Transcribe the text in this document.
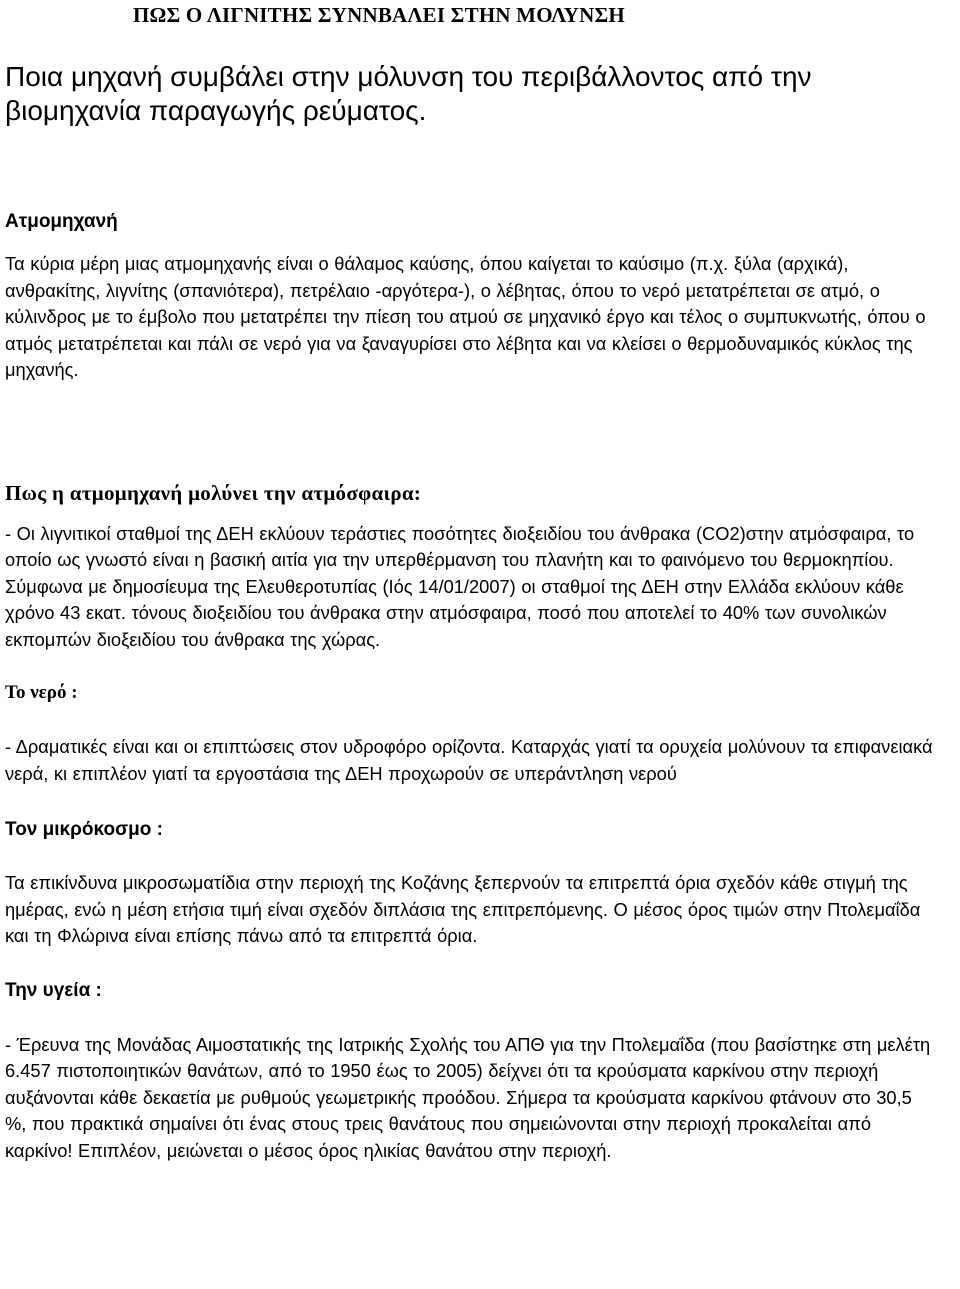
ΠΩΣ Ο ΛΙΓΝΙΤΗΣ ΣΥΝΝΒΑΛΕΙ ΣΤΗΝ ΜΟΛΥΝΣΗ

Ποια μηχανή συμβάλει στην μόλυνση του περιβάλλοντος από την βιομηχανία παραγωγής ρεύματος.

Ατμομηχανή

Τα κύρια μέρη μιας ατμομηχανής είναι ο θάλαμος καύσης, όπου καίγεται το καύσιμο (π.χ. ξύλα (αρχικά), ανθρακίτης, λιγνίτης (σπανιότερα), πετρέλαιο -αργότερα-), ο λέβητας, όπου το νερό μετατρέπεται σε ατμό, ο κύλινδρος με το έμβολο που μετατρέπει την πίεση του ατμού σε μηχανικό έργο και τέλος ο συμπυκνωτής, όπου ο ατμός μετατρέπεται και πάλι σε νερό για να ξαναγυρίσει στο λέβητα και να κλείσει ο θερμοδυναμικός κύκλος της μηχανής.

Πως η ατμομηχανή μολύνει την ατμόσφαιρα:

- Οι λιγνιτικοί σταθμοί της ΔΕΗ εκλύουν τεράστιες ποσότητες διοξειδίου του άνθρακα (CO2)στην ατμόσφαιρα, το οποίο ως γνωστό είναι η βασική αιτία για την υπερθέρμανση του πλανήτη και το φαινόμενο του θερμοκηπίου. Σύμφωνα με δημοσίευμα της Ελευθεροτυπίας (Ιός 14/01/2007) οι σταθμοί της ΔΕΗ στην Ελλάδα εκλύουν κάθε χρόνο 43 εκατ. τόνους διοξειδίου του άνθρακα στην ατμόσφαιρα, ποσό που αποτελεί το 40% των συνολικών εκπομπών διοξειδίου του άνθρακα της χώρας.

Το νερό :

- Δραματικές είναι και οι επιπτώσεις στον υδροφόρο ορίζοντα. Καταρχάς γιατί τα ορυχεία μολύνουν τα επιφανειακά νερά, κι επιπλέον γιατί τα εργοστάσια της ΔΕΗ προχωρούν σε υπεράντληση νερού

Τον μικρόκοσμο :

Τα επικίνδυνα μικροσωματίδια στην περιοχή της Κοζάνης ξεπερνούν τα επιτρεπτά όρια σχεδόν κάθε στιγμή της ημέρας, ενώ η μέση ετήσια τιμή είναι σχεδόν διπλάσια της επιτρεπόμενης. Ο μέσος όρος τιμών στην Πτολεμαΐδα και τη Φλώρινα είναι επίσης πάνω από τα επιτρεπτά όρια.

Την υγεία :

- Έρευνα της Μονάδας Αιμοστατικής της Ιατρικής Σχολής του ΑΠΘ για την Πτολεμαΐδα (που βασίστηκε στη μελέτη 6.457 πιστοποιητικών θανάτων, από το 1950 έως το 2005) δείχνει ότι τα κρούσματα καρκίνου στην περιοχή αυξάνονται κάθε δεκαετία με ρυθμούς γεωμετρικής προόδου. Σήμερα τα κρούσματα καρκίνου φτάνουν στο 30,5 %, που πρακτικά σημαίνει ότι ένας στους τρεις θανάτους που σημειώνονται στην περιοχή προκαλείται από καρκίνο! Επιπλέον, μειώνεται ο μέσος όρος ηλικίας θανάτου στην περιοχή.
